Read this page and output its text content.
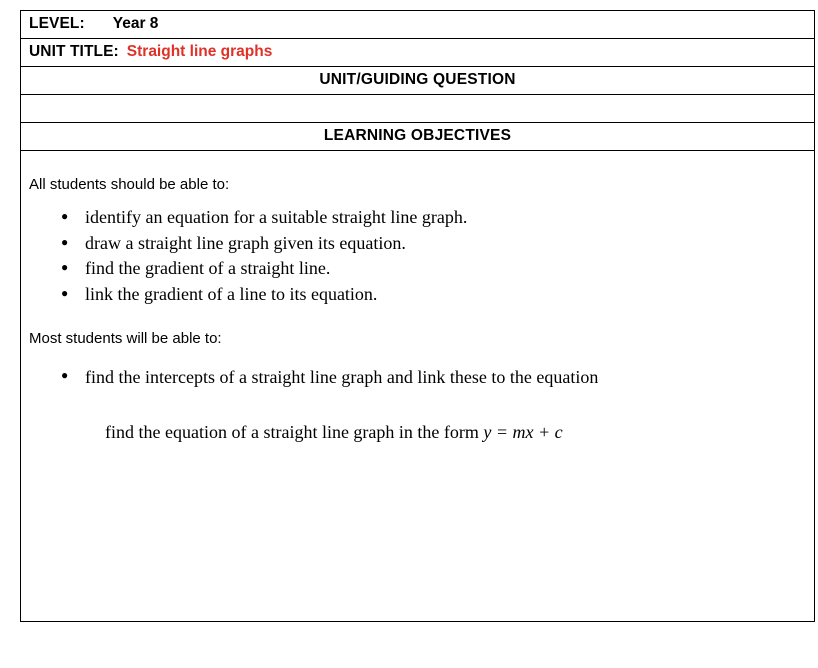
LEVEL: Year 8

UNIT TITLE: Straight line graphs

UNIT/GUIDING QUESTION

LEARNING OBJECTIVES

All students should be able to:

● identify an equation for a suitable straight line graph.
● draw a straight line graph given its equation.
● find the gradient of a straight line.
● link the gradient of a line to its equation.

Most students will be able to:

● find the intercepts of a straight line graph and link these to the equation

find the equation of a straight line graph in the form y = mx + c
